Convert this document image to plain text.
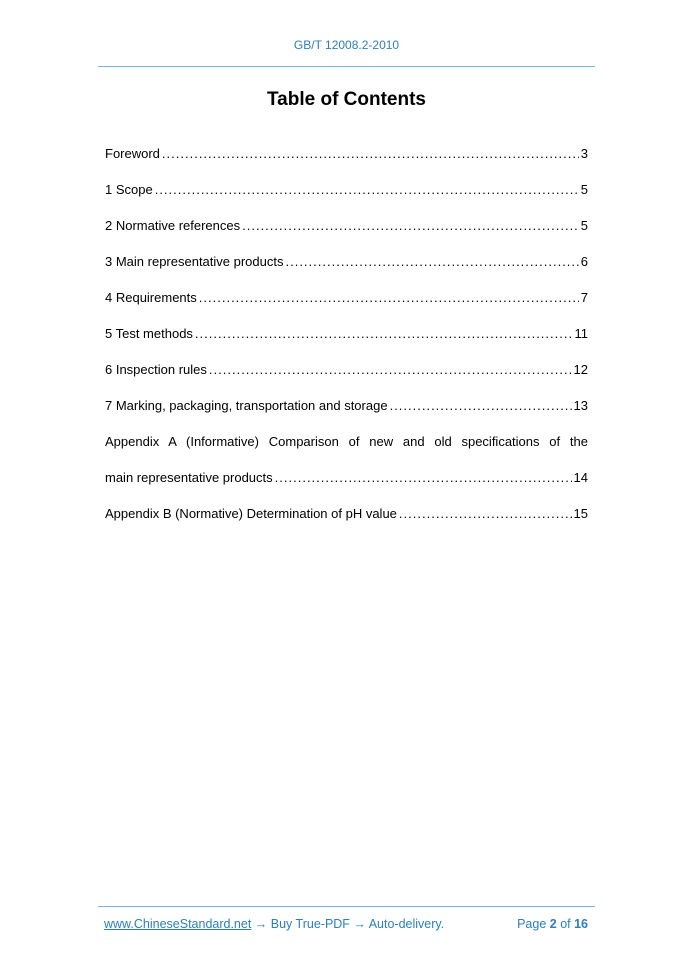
GB/T 12008.2-2010
Table of Contents
Foreword .....	3
1 Scope .....	5
2 Normative references .....	5
3 Main representative products .....	6
4 Requirements .....	7
5 Test methods .....	11
6 Inspection rules .....	12
7 Marking, packaging, transportation and storage .....	13
Appendix A (Informative) Comparison of new and old specifications of the
main representative products .....	14
Appendix B (Normative) Determination of pH value .....	15
www.ChineseStandard.net → Buy True-PDF → Auto-delivery.	Page 2 of 16
